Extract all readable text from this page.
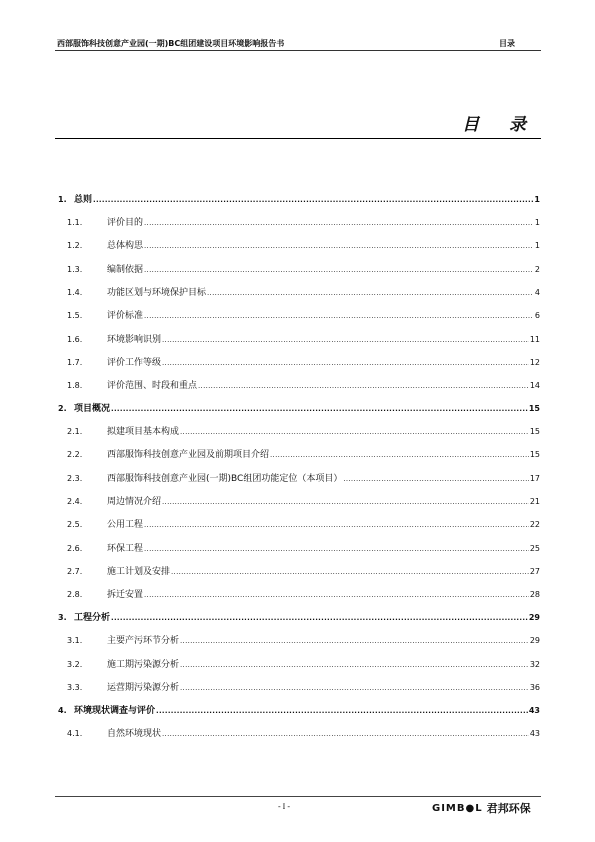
西部服饰科技创意产业园(一期)BC组团建设项目环境影响报告书	目录
目 录
1. 总则 .....	1
1.1.	评价目的 .....	1
1.2.	总体构思 .....	1
1.3.	编制依据 .....	2
1.4.	功能区划与环境保护目标 .....	4
1.5.	评价标准 .....	6
1.6.	环境影响识别 .....	11
1.7.	评价工作等级 .....	12
1.8.	评价范围、时段和重点 .....	14
2. 项目概况 .....	15
2.1.	拟建项目基本构成 .....	15
2.2.	西部服饰科技创意产业园及前期项目介绍 .....	15
2.3.	西部服饰科技创意产业园(一期)BC组团功能定位（本项目） .....	17
2.4.	周边情况介绍 .....	21
2.5.	公用工程 .....	22
2.6.	环保工程 .....	25
2.7.	施工计划及安排 .....	27
2.8.	拆迁安置 .....	28
3. 工程分析 .....	29
3.1.	主要产污环节分析 .....	29
3.2.	施工期污染源分析 .....	32
3.3.	运营期污染源分析 .....	36
4. 环境现状调查与评价 .....	43
4.1.	自然环境现状 .....	43
- I -	GIMB●L 君邦环保
